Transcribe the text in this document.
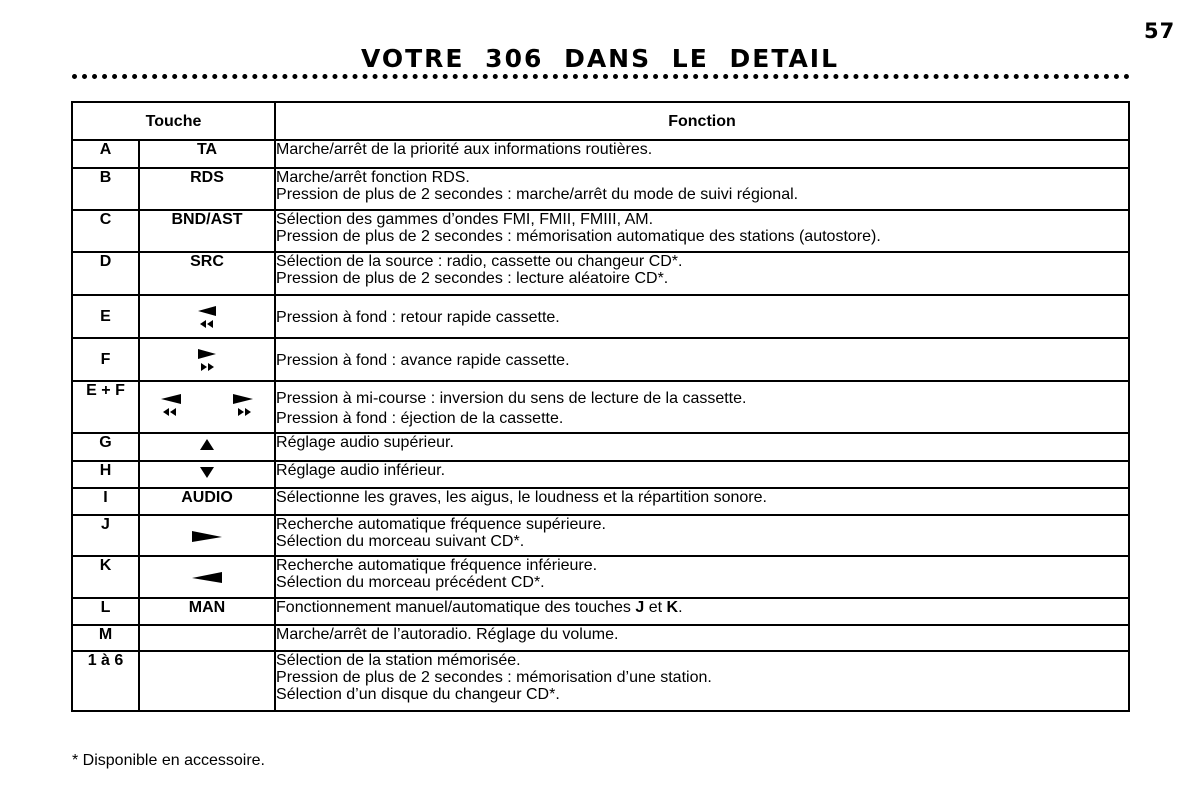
57
VOTRE 306 DANS LE DETAIL
Touche		Fonction
A	TA	Marche/arrêt de la priorité aux informations routières.

B	RDS	Marche/arrêt fonction RDS.
Pression de plus de 2 secondes : marche/arrêt du mode de suivi régional.

C	BND/AST	Sélection des gammes d’ondes FMI, FMII, FMIII, AM.
Pression de plus de 2 secondes : mémorisation automatique des stations (autostore).

D	SRC	Sélection de la source : radio, cassette ou changeur CD*.
Pression de plus de 2 secondes : lecture aléatoire CD*.

E		Pression à fond : retour rapide cassette.

F		Pression à fond : avance rapide cassette.

E + F		Pression à mi-course : inversion du sens de lecture de la cassette.
Pression à fond : éjection de la cassette.

G		Réglage audio supérieur.

H		Réglage audio inférieur.

I	AUDIO	Sélectionne les graves, les aigus, le loudness et la répartition sonore.

J		Recherche automatique fréquence supérieure.
Sélection du morceau suivant CD*.

K		Recherche automatique fréquence inférieure.
Sélection du morceau précédent CD*.

L	MAN	Fonctionnement manuel/automatique des touches J et K.

M		Marche/arrêt de l’autoradio. Réglage du volume.

1 à 6		Sélection de la station mémorisée.
Pression de plus de 2 secondes : mémorisation d’une station.
Sélection d’un disque du changeur CD*.
* Disponible en accessoire.
